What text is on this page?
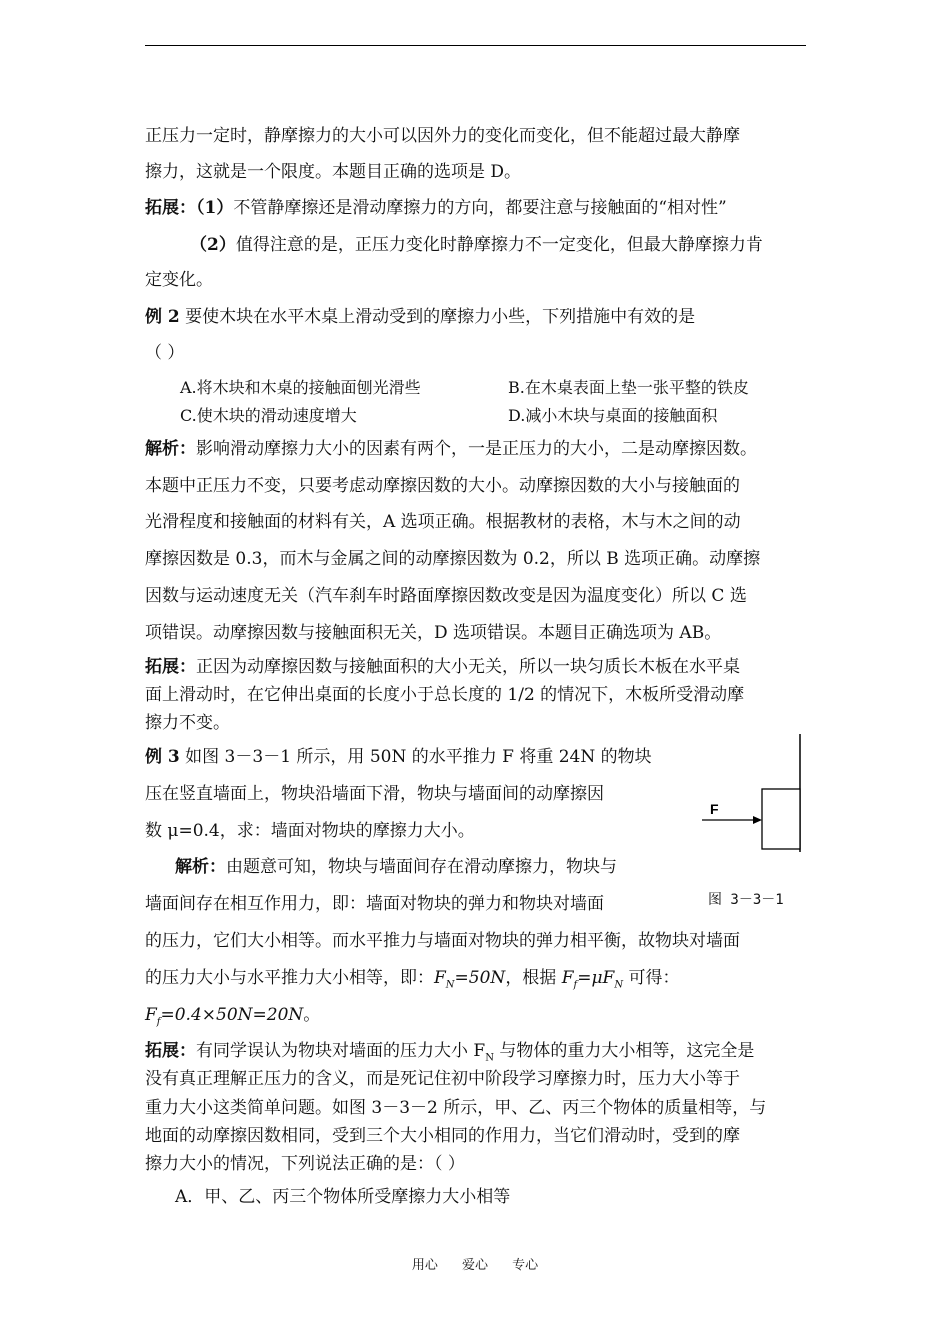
正压力一定时，静摩擦力的大小可以因外力的变化而变化，但不能超过最大静摩
擦力，这就是一个限度。本题目正确的选项是 D。
拓展：（1）不管静摩擦还是滑动摩擦力的方向，都要注意与接触面的“相对性”
（2）值得注意的是，正压力变化时静摩擦力不一定变化，但最大静摩擦力肯
定变化。
例 2 要使木块在水平木桌上滑动受到的摩擦力小些，下列措施中有效的是
（ ）
A.将木块和木桌的接触面刨光滑些	B.在木桌表面上垫一张平整的铁皮
C.使木块的滑动速度增大	D.减小木块与桌面的接触面积
解析：影响滑动摩擦力大小的因素有两个，一是正压力的大小，二是动摩擦因数。
本题中正压力不变，只要考虑动摩擦因数的大小。动摩擦因数的大小与接触面的
光滑程度和接触面的材料有关，A 选项正确。根据教材的表格，木与木之间的动
摩擦因数是 0.3，而木与金属之间的动摩擦因数为 0.2，所以 B 选项正确。动摩擦
因数与运动速度无关（汽车刹车时路面摩擦因数改变是因为温度变化）所以 C 选
项错误。动摩擦因数与接触面积无关，D 选项错误。本题目正确选项为 AB。
拓展：正因为动摩擦因数与接触面积的大小无关，所以一块匀质长木板在水平桌
面上滑动时，在它伸出桌面的长度小于总长度的 1/2 的情况下，木板所受滑动摩
擦力不变。
例 3 如图 3－3－1 所示，用 50N 的水平推力 F 将重 24N 的物块
压在竖直墙面上，物块沿墙面下滑，物块与墙面间的动摩擦因
数 μ=0.4，求：墙面对物块的摩擦力大小。
解析：由题意可知，物块与墙面间存在滑动摩擦力，物块与
墙面间存在相互作用力，即：墙面对物块的弹力和物块对墙面
的压力，它们大小相等。而水平推力与墙面对物块的弹力相平衡，故物块对墙面
的压力大小与水平推力大小相等，即：$F_N=50N$，根据 $F_f=\mu F_N$ 可得：
$F_f=0.4\times 50N=20N$。
拓展：有同学误认为物块对墙面的压力大小 $F_N$ 与物体的重力大小相等，这完全是
没有真正理解正压力的含义，而是死记住初中阶段学习摩擦力时，压力大小等于
重力大小这类简单问题。如图 3－3－2 所示，甲、乙、丙三个物体的质量相等，与
地面的动摩擦因数相同，受到三个大小相同的作用力，当它们滑动时，受到的摩
擦力大小的情况，下列说法正确的是：（ ）
A．甲、乙、丙三个物体所受摩擦力大小相等
F
图 3－3－1
用心 爱心 专心
